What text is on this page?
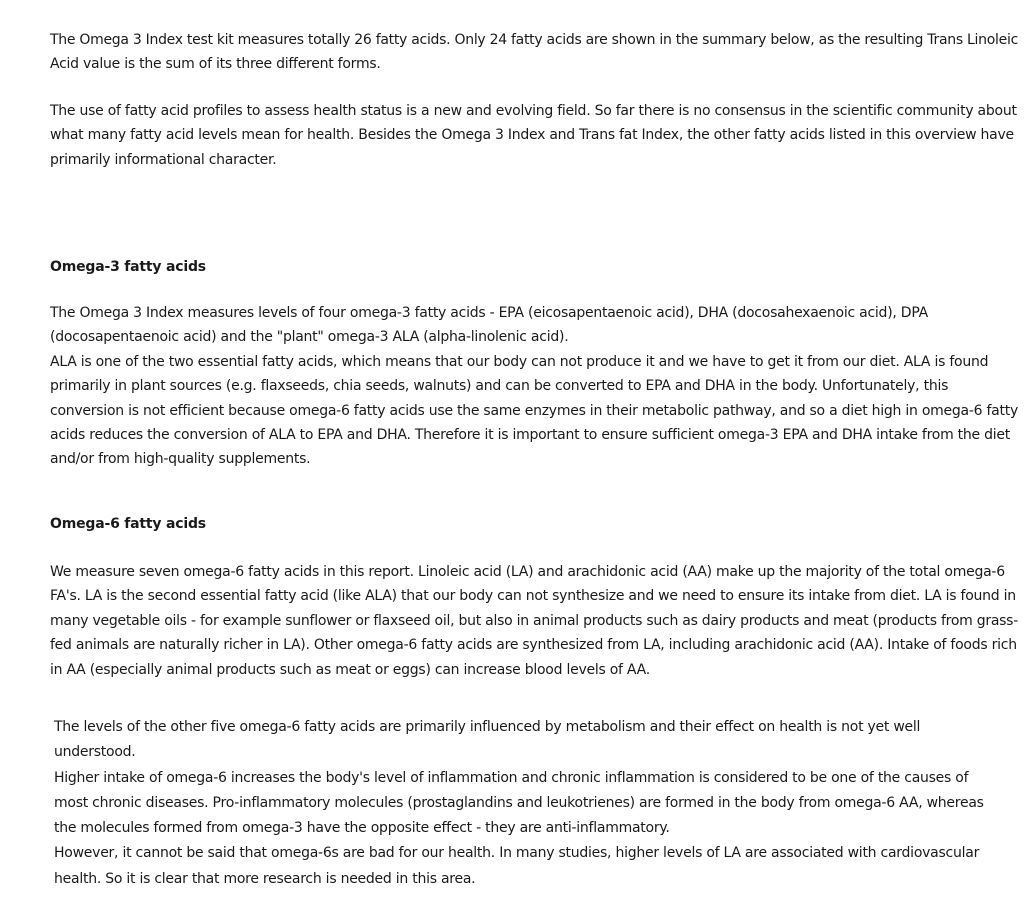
The Omega 3 Index test kit measures totally 26 fatty acids. Only 24 fatty acids are shown in the summary below, as the resulting Trans Linoleic
Acid value is the sum of its three different forms.

The use of fatty acid profiles to assess health status is a new and evolving field. So far there is no consensus in the scientific community about
what many fatty acid levels mean for health. Besides the Omega 3 Index and Trans fat Index, the other fatty acids listed in this overview have
primarily informational character.

Omega-3 fatty acids

The Omega 3 Index measures levels of four omega-3 fatty acids - EPA (eicosapentaenoic acid), DHA (docosahexaenoic acid), DPA
(docosapentaenoic acid) and the "plant" omega-3 ALA (alpha-linolenic acid).
ALA is one of the two essential fatty acids, which means that our body can not produce it and we have to get it from our diet. ALA is found
primarily in plant sources (e.g. flaxseeds, chia seeds, walnuts) and can be converted to EPA and DHA in the body. Unfortunately, this
conversion is not efficient because omega-6 fatty acids use the same enzymes in their metabolic pathway, and so a diet high in omega-6 fatty
acids reduces the conversion of ALA to EPA and DHA. Therefore it is important to ensure sufficient omega-3 EPA and DHA intake from the diet
and/or from high-quality supplements.

Omega-6 fatty acids

We measure seven omega-6 fatty acids in this report. Linoleic acid (LA) and arachidonic acid (AA) make up the majority of the total omega-6
FA's. LA is the second essential fatty acid (like ALA) that our body can not synthesize and we need to ensure its intake from diet. LA is found in
many vegetable oils - for example sunflower or flaxseed oil, but also in animal products such as dairy products and meat (products from grass-
fed animals are naturally richer in LA). Other omega-6 fatty acids are synthesized from LA, including arachidonic acid (AA). Intake of foods rich
in AA (especially animal products such as meat or eggs) can increase blood levels of AA.

The levels of the other five omega-6 fatty acids are primarily influenced by metabolism and their effect on health is not yet well
understood.
Higher intake of omega-6 increases the body's level of inflammation and chronic inflammation is considered to be one of the causes of
most chronic diseases. Pro-inflammatory molecules (prostaglandins and leukotrienes) are formed in the body from omega-6 AA, whereas
the molecules formed from omega-3 have the opposite effect - they are anti-inflammatory.
However, it cannot be said that omega-6s are bad for our health. In many studies, higher levels of LA are associated with cardiovascular
health. So it is clear that more research is needed in this area.
